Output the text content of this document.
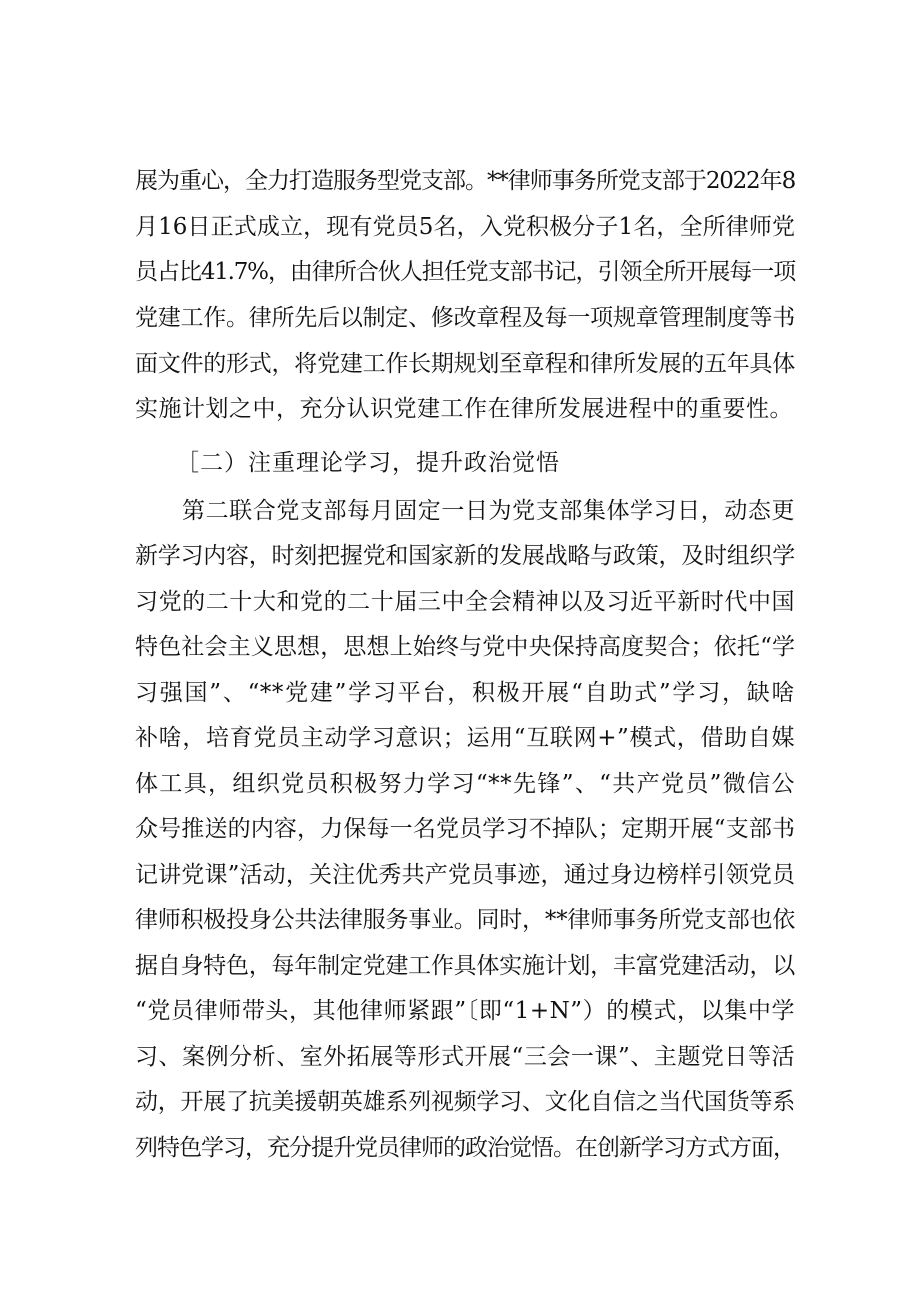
展为重心，全力打造服务型党支部。**律师事务所党支部于2022年8
月16日正式成立，现有党员5名，入党积极分子1名，全所律师党
员占比41.7%，由律所合伙人担任党支部书记，引领全所开展每一项
党建工作。律所先后以制定、修改章程及每一项规章管理制度等书
面文件的形式，将党建工作长期规划至章程和律所发展的五年具体
实施计划之中，充分认识党建工作在律所发展进程中的重要性。
［二）注重理论学习，提升政治觉悟
第二联合党支部每月固定一日为党支部集体学习日，动态更
新学习内容，时刻把握党和国家新的发展战略与政策，及时组织学
习党的二十大和党的二十届三中全会精神以及习近平新时代中国
特色社会主义思想，思想上始终与党中央保持高度契合；依托“学
习强国”、“**党建”学习平台，积极开展“自助式”学习，缺啥
补啥，培育党员主动学习意识；运用“互联网+”模式，借助自媒
体工具，组织党员积极努力学习“**先锋”、“共产党员”微信公
众号推送的内容，力保每一名党员学习不掉队；定期开展“支部书
记讲党课”活动，关注优秀共产党员事迹，通过身边榜样引领党员
律师积极投身公共法律服务事业。同时，**律师事务所党支部也依
据自身特色，每年制定党建工作具体实施计划，丰富党建活动，以
“党员律师带头，其他律师紧跟”〔即“1+N”）的模式，以集中学
习、案例分析、室外拓展等形式开展“三会一课”、主题党日等活
动，开展了抗美援朝英雄系列视频学习、文化自信之当代国货等系
列特色学习，充分提升党员律师的政治觉悟。在创新学习方式方面，
